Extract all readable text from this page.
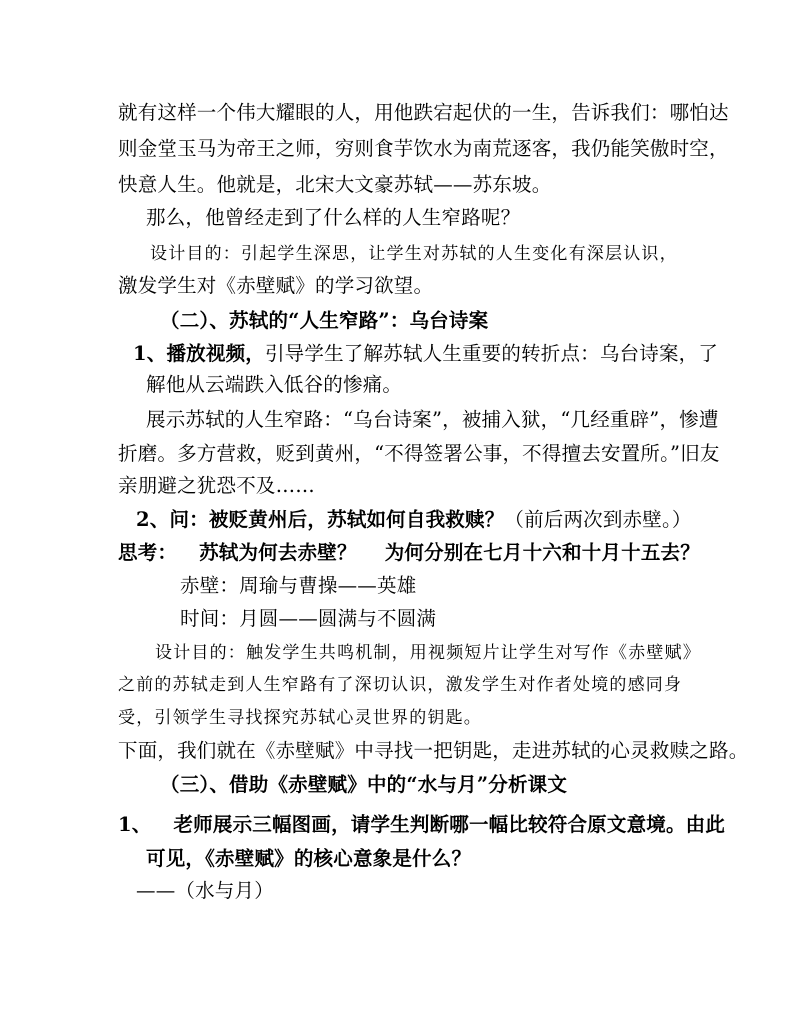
就有这样一个伟大耀眼的人，用他跌宕起伏的一生，告诉我们：哪怕达
则金堂玉马为帝王之师，穷则食芋饮水为南荒逐客，我仍能笑傲时空，
快意人生。他就是，北宋大文豪苏轼——苏东坡。
那么，他曾经走到了什么样的人生窄路呢？
设计目的：引起学生深思，让学生对苏轼的人生变化有深层认识，
激发学生对《赤壁赋》的学习欲望。
（二）、苏轼的“人生窄路”：乌台诗案
1、播放视频，引导学生了解苏轼人生重要的转折点：乌台诗案，了
解他从云端跌入低谷的惨痛。
展示苏轼的人生窄路：“乌台诗案”，被捕入狱，“几经重辟”，惨遭
折磨。多方营救，贬到黄州，“不得签署公事，不得擅去安置所。”旧友
亲朋避之犹恐不及……
2、问：被贬黄州后，苏轼如何自我救赎？（前后两次到赤壁。）
思考： 苏轼为何去赤壁？ 为何分别在七月十六和十月十五去？
赤壁：周瑜与曹操——英雄
时间：月圆——圆满与不圆满
设计目的：触发学生共鸣机制，用视频短片让学生对写作《赤壁赋》
之前的苏轼走到人生窄路有了深切认识，激发学生对作者处境的感同身
受，引领学生寻找探究苏轼心灵世界的钥匙。
下面，我们就在《赤壁赋》中寻找一把钥匙，走进苏轼的心灵救赎之路。
（三）、借助《赤壁赋》中的“水与月”分析课文
1、 老师展示三幅图画，请学生判断哪一幅比较符合原文意境。由此
可见，《赤壁赋》的核心意象是什么？
——（水与月）
